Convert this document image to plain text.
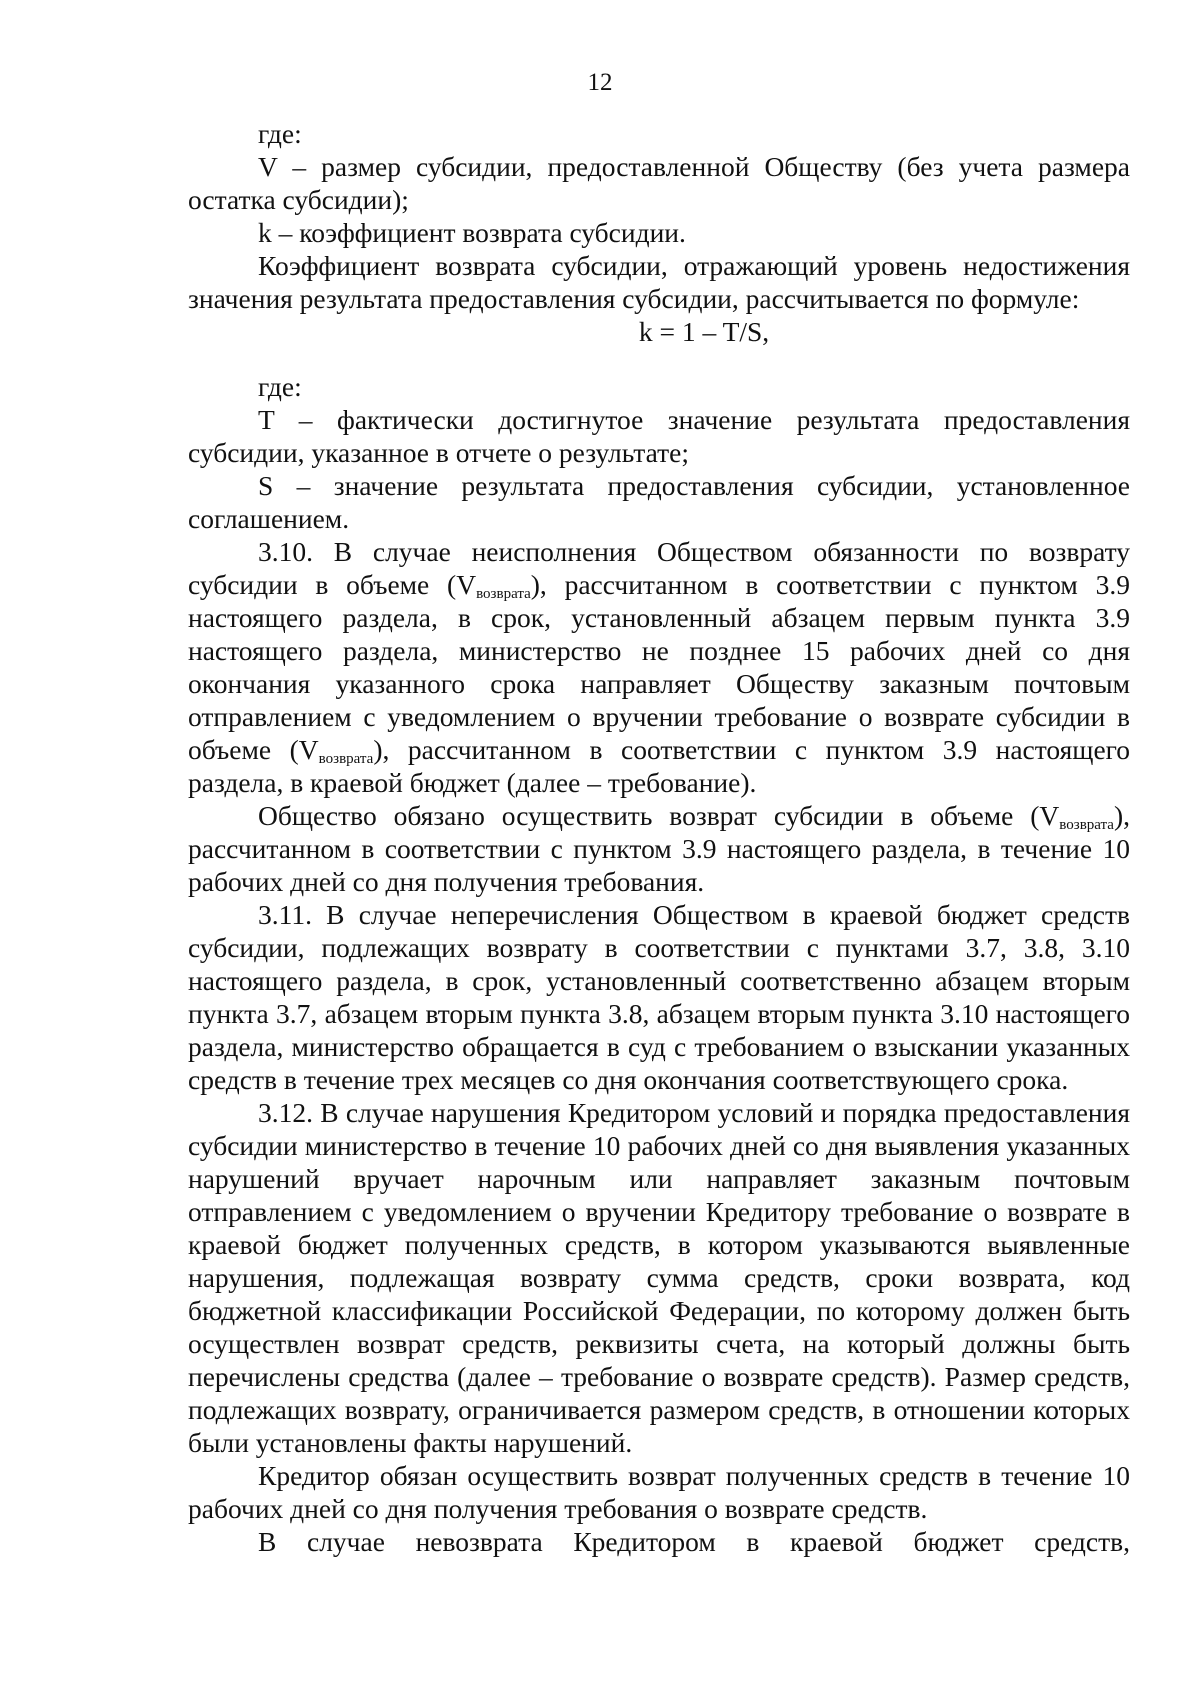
12

где:

V – размер субсидии, предоставленной Обществу (без учета размера остатка субсидии);

k – коэффициент возврата субсидии.

Коэффициент возврата субсидии, отражающий уровень недостижения значения результата предоставления субсидии, рассчитывается по формуле:

k = 1 – T/S,

где:

T – фактически достигнутое значение результата предоставления субсидии, указанное в отчете о результате;

S – значение результата предоставления субсидии, установленное соглашением.

3.10. В случае неисполнения Обществом обязанности по возврату субсидии в объеме $(V_{возврата})$, рассчитанном в соответствии с пунктом 3.9 настоящего раздела, в срок, установленный абзацем первым пункта 3.9 настоящего раздела, министерство не позднее 15 рабочих дней со дня окончания указанного срока направляет Обществу заказным почтовым отправлением с уведомлением о вручении требование о возврате субсидии в объеме $(V_{возврата})$, рассчитанном в соответствии с пунктом 3.9 настоящего раздела, в краевой бюджет (далее – требование).

Общество обязано осуществить возврат субсидии в объеме $(V_{возврата})$, рассчитанном в соответствии с пунктом 3.9 настоящего раздела, в течение 10 рабочих дней со дня получения требования.

3.11. В случае неперечисления Обществом в краевой бюджет средств субсидии, подлежащих возврату в соответствии с пунктами 3.7, 3.8, 3.10 настоящего раздела, в срок, установленный соответственно абзацем вторым пункта 3.7, абзацем вторым пункта 3.8, абзацем вторым пункта 3.10 настоящего раздела, министерство обращается в суд с требованием о взыскании указанных средств в течение трех месяцев со дня окончания соответствующего срока.

3.12. В случае нарушения Кредитором условий и порядка предоставления субсидии министерство в течение 10 рабочих дней со дня выявления указанных нарушений вручает нарочным или направляет заказным почтовым отправлением с уведомлением о вручении Кредитору требование о возврате в краевой бюджет полученных средств, в котором указываются выявленные нарушения, подлежащая возврату сумма средств, сроки возврата, код бюджетной классификации Российской Федерации, по которому должен быть осуществлен возврат средств, реквизиты счета, на который должны быть перечислены средства (далее – требование о возврате средств). Размер средств, подлежащих возврату, ограничивается размером средств, в отношении которых были установлены факты нарушений.

Кредитор обязан осуществить возврат полученных средств в течение 10 рабочих дней со дня получения требования о возврате средств.

В случае невозврата Кредитором в краевой бюджет средств,
